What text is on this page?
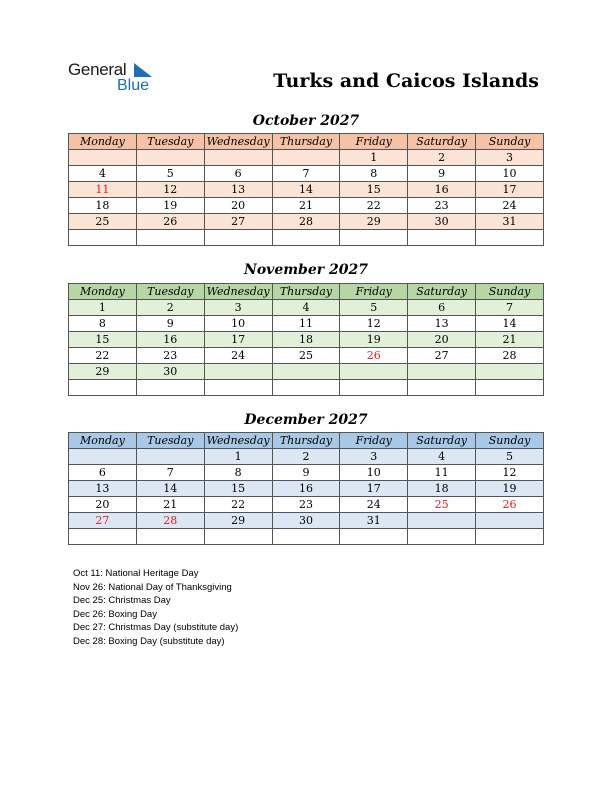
General
Blue	Turks and Caicos Islands
October 2027
Monday	Tuesday	Wednesday	Thursday	Friday	Saturday	Sunday
				1	2	3
4	5	6	7	8	9	10
11	12	13	14	15	16	17
18	19	20	21	22	23	24
25	26	27	28	29	30	31

November 2027
Monday	Tuesday	Wednesday	Thursday	Friday	Saturday	Sunday
1	2	3	4	5	6	7
8	9	10	11	12	13	14
15	16	17	18	19	20	21
22	23	24	25	26	27	28
29	30					

December 2027
Monday	Tuesday	Wednesday	Thursday	Friday	Saturday	Sunday
		1	2	3	4	5
6	7	8	9	10	11	12
13	14	15	16	17	18	19
20	21	22	23	24	25	26
27	28	29	30	31		

Oct 11: National Heritage Day
Nov 26: National Day of Thanksgiving
Dec 25: Christmas Day
Dec 26: Boxing Day
Dec 27: Christmas Day (substitute day)
Dec 28: Boxing Day (substitute day)
